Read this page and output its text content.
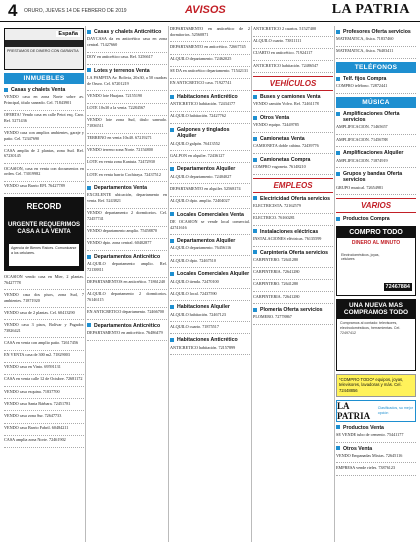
4 ORURO, JUEVES 14 DE FEBRERO DE 2019	AVISOS	LA PATRIA
España
PRESTAMOS DE DINERO CON GARANTIA
INMUEBLES
Casas y chalets Venta
VENDO casa en zona Norte sobre av. Principal, título saneado. Cel. 71843901
OFERTA! Vendo casa en calle Petot esq. Caro. Ref. 5271436
VENDO casa con amplios ambientes, garaje y patio. Cel. 72347690
CASA amplia de 2 plantas, zona Sud. Ref. 67230145
OCASION, casa en venta con documentos en orden. Cel. 73019982
VENDO casa Barrio EPI. 76427789
RECORD
URGENTE REQUERIMOS CASA A LA VENTA
Agencia de Bienes Raíces. Comunicarse a los celulares.
OCASION vendo casa en Mier, 2 plantas. 76427778
VENDO casa dos pisos, zona Sud, 7 ambientes. 71871920
VENDO casa de 2 plantas. Cel. 60413290
VENDO casa 3 pisos, Bolívar y Pagador. 73826421
CASA en venta con amplio patio. 72617456
EN VENTA casa de 300 m2. 71829003
VENDO casa en Vinto. 69591131
CASA en venta calle 12 de Octubre. 72681172
VENDO casa esquina. 71837700
VENDO casa Santa Bárbara. 72451781
VENDO casa zona Sur. 72647733
VENDO casa Barrio Fabril. 60484211
CASA amplia zona Norte. 72461902
Casas y chalets Anticrético
DAYCASA da en anticrético casa en zona central. 71427660
DOY en anticrético casa. Ref. 5256617
Lotes y terrenos Venta
LA PAMPITA Av. Bolivia, 20x30, a 50 cuadras de Oruro. Cel. 67201219
VENDO lote Huajara. 72155190
LOTE 10x30 a la venta. 72284567
VENDO lote zona Sud, título saneado. 71836511
TERRENO en venta 10x40. 67219271
VENDO terreno zona Norte. 72154800
LOTE en venta zona Kantuta. 72472930
LOTE en venta barrio Cochiraya. 72437512
Departamentos Venta
EXCELENTE ubicación, departamento en venta. Ref. 5243821
VENDO departamento 2 dormitorios. Cel. 72457741
VENDO departamento amplio. 75458870
VENDO dpto. zona central. 60402877
Departamentos Anticrético
ALQUILO departamento amplio. Ref. 72138811
DEPARTAMENTOS en anticrético. 71861240
ALQUILO departamento 2 dormitorios. 76146115
EN ANTICRETICO departamento. 72466700
Departamentos Anticrético
DEPARTAMENTO en anticrético. 76486479
DEPARTAMENTO en anticrético de 2 dormitorios. 52560871
DEPARTAMENTO en anticrético. 72667745
ALQUILO departamento. 72462025
SE DA en anticrético departamento. 71542131
EN ANTICRETICO casa. 71927741
Habitaciones Anticrético
ANTICRETICO habitación. 72434177
ALQUILO habitación. 72427762
Galpones y tinglados Alquiler
ALQUILO galpón. 76413552
GALPON en alquiler. 72436127
Departamentos Alquiler
ALQUILO departamento. 72404027
DEPARTAMENTO en alquiler. 52568174
ALQUILO dpto. amplio. 72404027
Locales Comerciales Venta
DE OCASION se vende local comercial. 42741616
Departamentos Alquiler
ALQUILO departamento. 76456116
ALQUILO dpto. 72467510
Locales Comerciales Alquiler
ALQUILO tienda. 72470100
ALQUILO local. 72437590
Habitaciones Alquiler
ALQUILO habitación. 72467123
ALQUILO cuarto. 71875517
Habitaciones Anticrético
ANTICRETICO habitación. 72157899
ANTICRETICO 2 cuartos. 51527400
ALQUILO cuarto. 73811111
CUARTO en anticrético. 71924117
ANTICRETICO habitación. 72486547
VEHÍCULOS
Buses y camiones Venta
VENDO camión Volvo. Ref. 72461178
Otros Venta
VENDO equipo. 72449785
Camionetas Venta
CAMIONETA doble cabina. 72439776
Camionetas Compra
COMPRO vagoneta. 76148210
EMPLEOS
Electricidad Oferta servicios
ELECTRICISTA. 72162579
ELECTRICO. 76160281
Instalaciones eléctricas
INSTALACIONES eléctricas. 76135599
Carpintería Oferta servicios
CARPINTERO. 72641280
CARPINTERIA. 72641280
CARPINTERO. 72641280
CARPINTERIA. 72641280
Plomería Oferta servicios
PLOMERO. 72778867
Profesores Oferta servicios
MATEMATICA, física. 71837460
MATEMATICA, física. 76403411
TELÉFONOS
Telf. fijos Compra
COMPRO teléfono. 72872441
MÚSICA
Amplificaciones Oferta servicios
AMPLIFICACION. 71465657
AMPLIFICACION. 71456788
Amplificaciones Alquiler
AMPLIFICACION. 71874919
Grupos y bandas Oferta servicios
GRUPO musical. 72654981
VARIOS
Productos Compra
COMPRO TODO
DINERO AL MINUTO
Electrodomésticos, joyas, celulares
72467884
UNA NUEVA MAS COMPRAMOS TODO
Compramos al contado: televisores, electrodomésticos, herramientas. Cel. 72497412
*COMPRO TODO* equipos, joyas, televisores, lavadoras y más. Cel. 72448856
LA PATRIA
Clasificados, su mejor opción
Productos Venta
SE VENDE tubo de cemento. 75441177
Otros Venta
VENDO Empanadas Mixtas. 72645116
EMPRESA vende rieles. 73876123
